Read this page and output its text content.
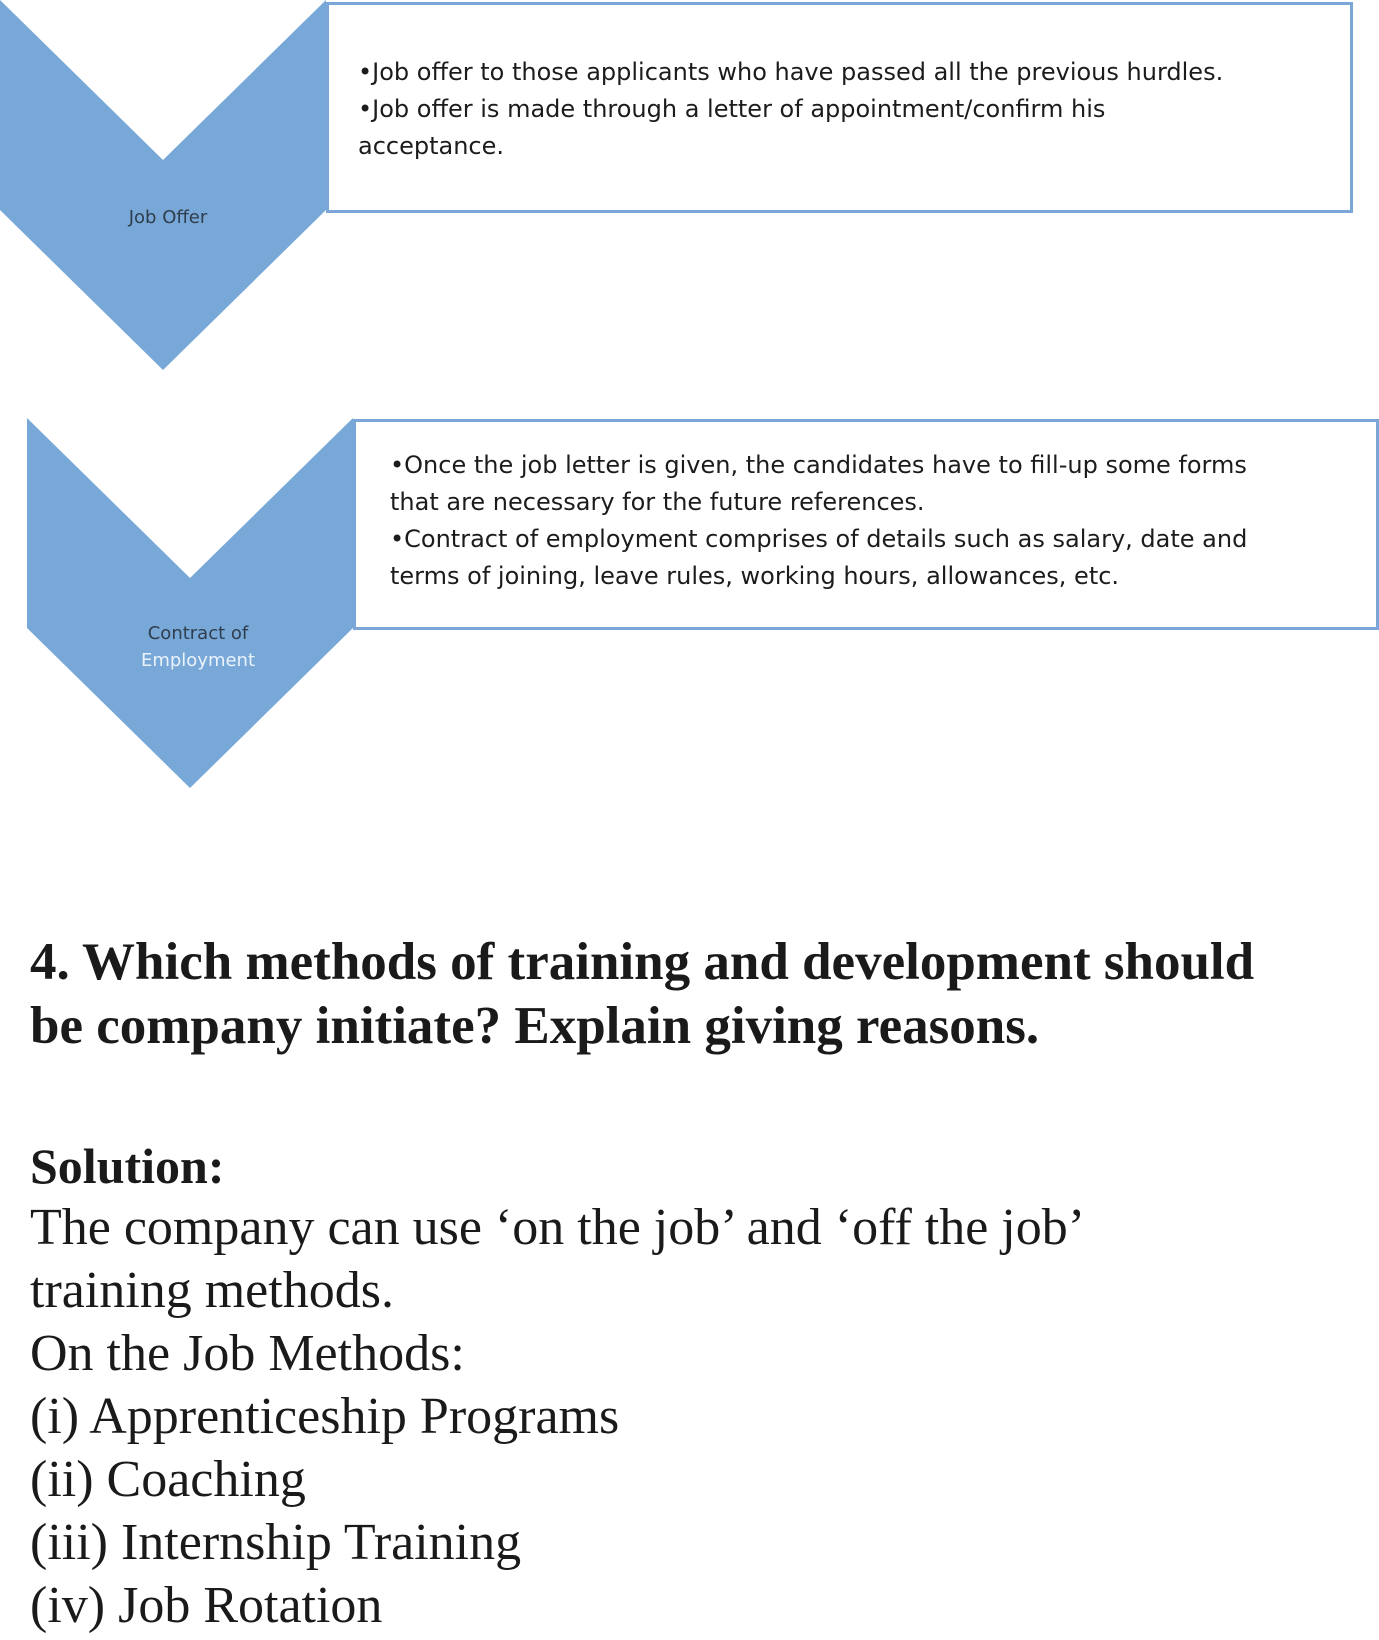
Job Offer
•Job offer to those applicants who have passed all the previous hurdles.
•Job offer is made through a letter of appointment/confirm his
acceptance.
Contract of
Employment
•Once the job letter is given, the candidates have to fill-up some forms
that are necessary for the future references.
•Contract of employment comprises of details such as salary, date and
terms of joining, leave rules, working hours, allowances, etc.
4. Which methods of training and development should
be company initiate? Explain giving reasons.
Solution:
The company can use ‘on the job’ and ‘off the job’
training methods.
On the Job Methods:
(i) Apprenticeship Programs
(ii) Coaching
(iii) Internship Training
(iv) Job Rotation
